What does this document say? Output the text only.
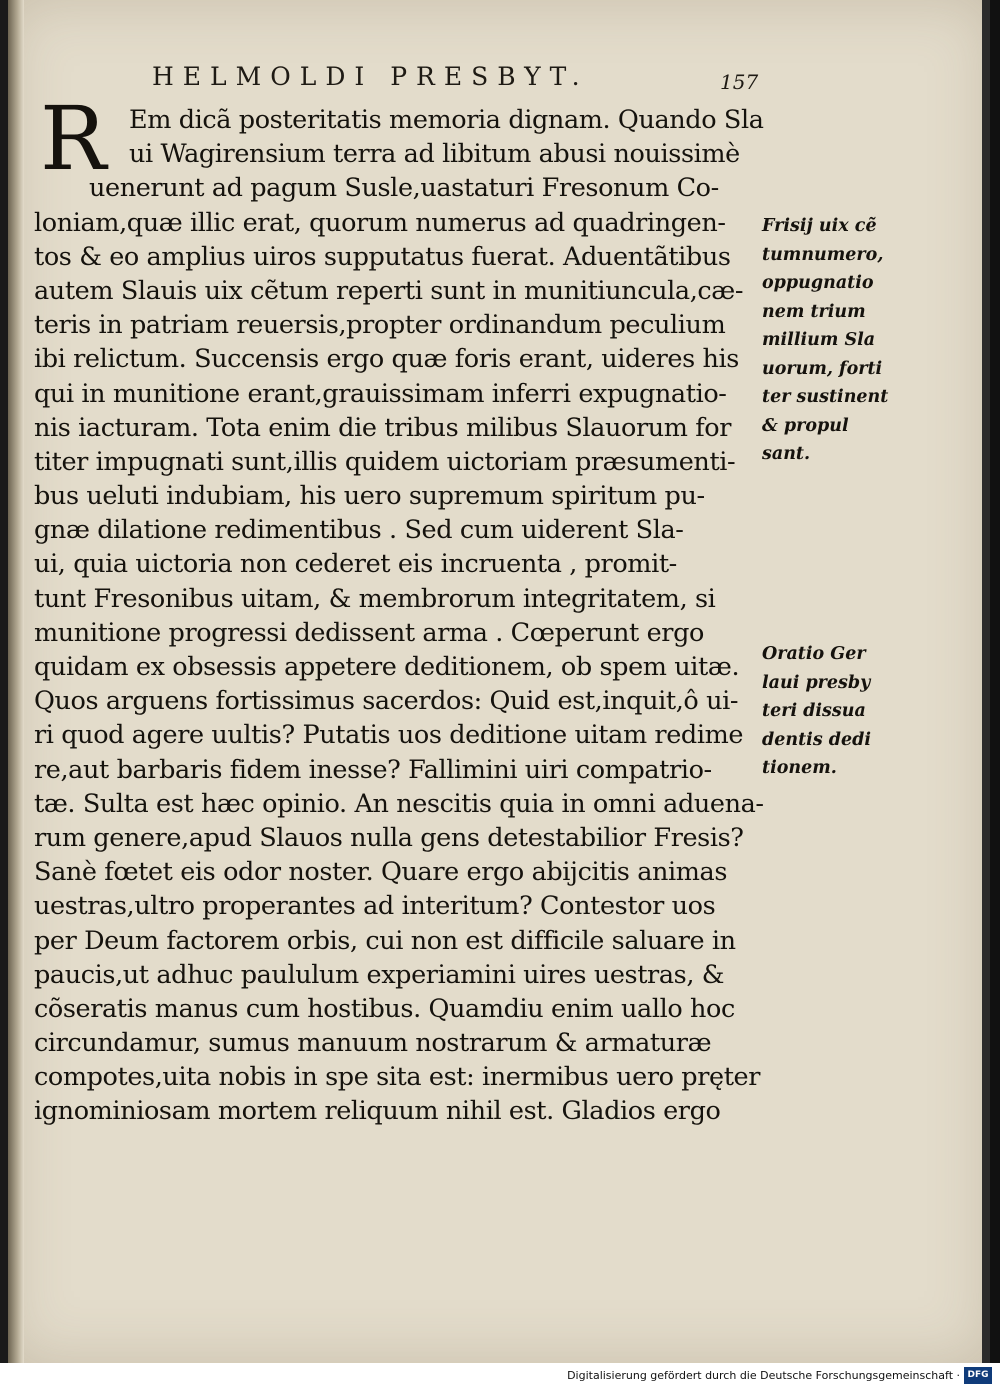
HELMOLDI PRESBYT.	157
R Em dicã posteritatis memoria dignam. Quando Sla
ui Wagirensium terra ad libitum abusi nouissimè
uenerunt ad pagum Susle,uastaturi Fresonum Co-
loniam,quæ illic erat, quorum numerus ad quadringen-
tos & eo amplius uiros supputatus fuerat. Aduentãtibus
autem Slauis uix cẽtum reperti sunt in munitiuncula,cæ-
teris in patriam reuersis,propter ordinandum peculium
ibi relictum. Succensis ergo quæ foris erant, uideres his
qui in munitione erant,grauissimam inferri expugnatio-
nis iacturam. Tota enim die tribus milibus Slauorum for
titer impugnati sunt,illis quidem uictoriam præsumenti-
bus ueluti indubiam, his uero supremum spiritum pu-
gnæ dilatione redimentibus . Sed cum uiderent Sla-
ui, quia uictoria non cederet eis incruenta , promit-
tunt Fresonibus uitam, & membrorum integritatem, si
munitione progressi dedissent arma . Cœperunt ergo
quidam ex obsessis appetere deditionem, ob spem uitæ.
Quos arguens fortissimus sacerdos: Quid est,inquit,ô ui-
ri quod agere uultis? Putatis uos deditione uitam redime
re,aut barbaris fidem inesse? Fallimini uiri compatrio-
tæ. Sulta est hæc opinio. An nescitis quia in omni aduena-
rum genere,apud Slauos nulla gens detestabilior Fresis?
Sanè fœtet eis odor noster. Quare ergo abijcitis animas
uestras,ultro properantes ad interitum? Contestor uos
per Deum factorem orbis, cui non est difficile saluare in
paucis,ut adhuc paululum experiamini uires uestras, &
cõseratis manus cum hostibus. Quamdiu enim uallo hoc
circundamur, sumus manuum nostrarum & armaturæ
compotes,uita nobis in spe sita est: inermibus uero pręter
ignominiosam mortem reliquum nihil est. Gladios ergo
Frisij uix cẽ
tumnumero,
oppugnatio
nem trium
millium Sla
uorum, forti
ter sustinent
& propul
sant.
Oratio Ger
laui presby
teri dissua
dentis dedi
tionem.
Digitalisierung gefördert durch die Deutsche Forschungsgemeinschaft · DFG
